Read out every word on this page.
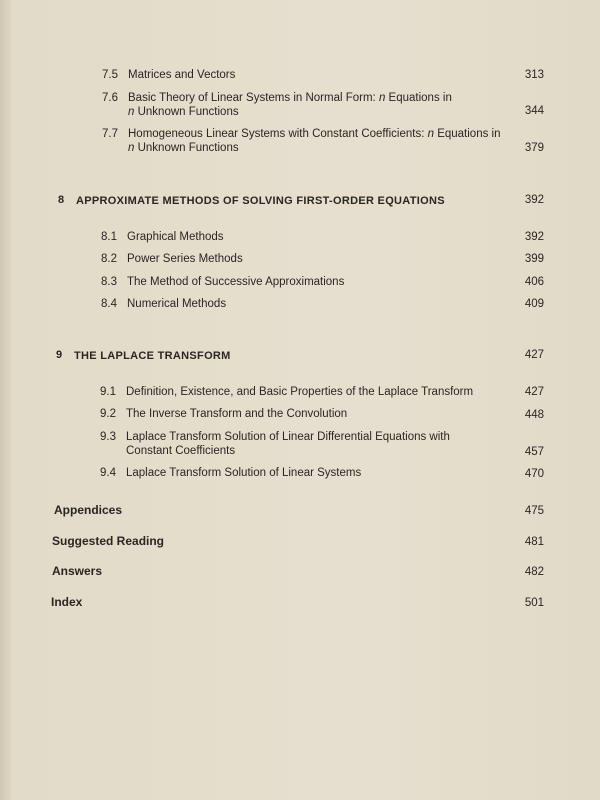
7.5 Matrices and Vectors	313
7.6 Basic Theory of Linear Systems in Normal Form: n Equations in
n Unknown Functions	344
7.7 Homogeneous Linear Systems with Constant Coefficients: n Equations in
n Unknown Functions	379
8 APPROXIMATE METHODS OF SOLVING FIRST-ORDER EQUATIONS	392
8.1 Graphical Methods	392
8.2 Power Series Methods	399
8.3 The Method of Successive Approximations	406
8.4 Numerical Methods	409
9 THE LAPLACE TRANSFORM	427
9.1 Definition, Existence, and Basic Properties of the Laplace Transform	427
9.2 The Inverse Transform and the Convolution	448
9.3 Laplace Transform Solution of Linear Differential Equations with
Constant Coefficients	457
9.4 Laplace Transform Solution of Linear Systems	470
Appendices	475
Suggested Reading	481
Answers	482
Index	501
